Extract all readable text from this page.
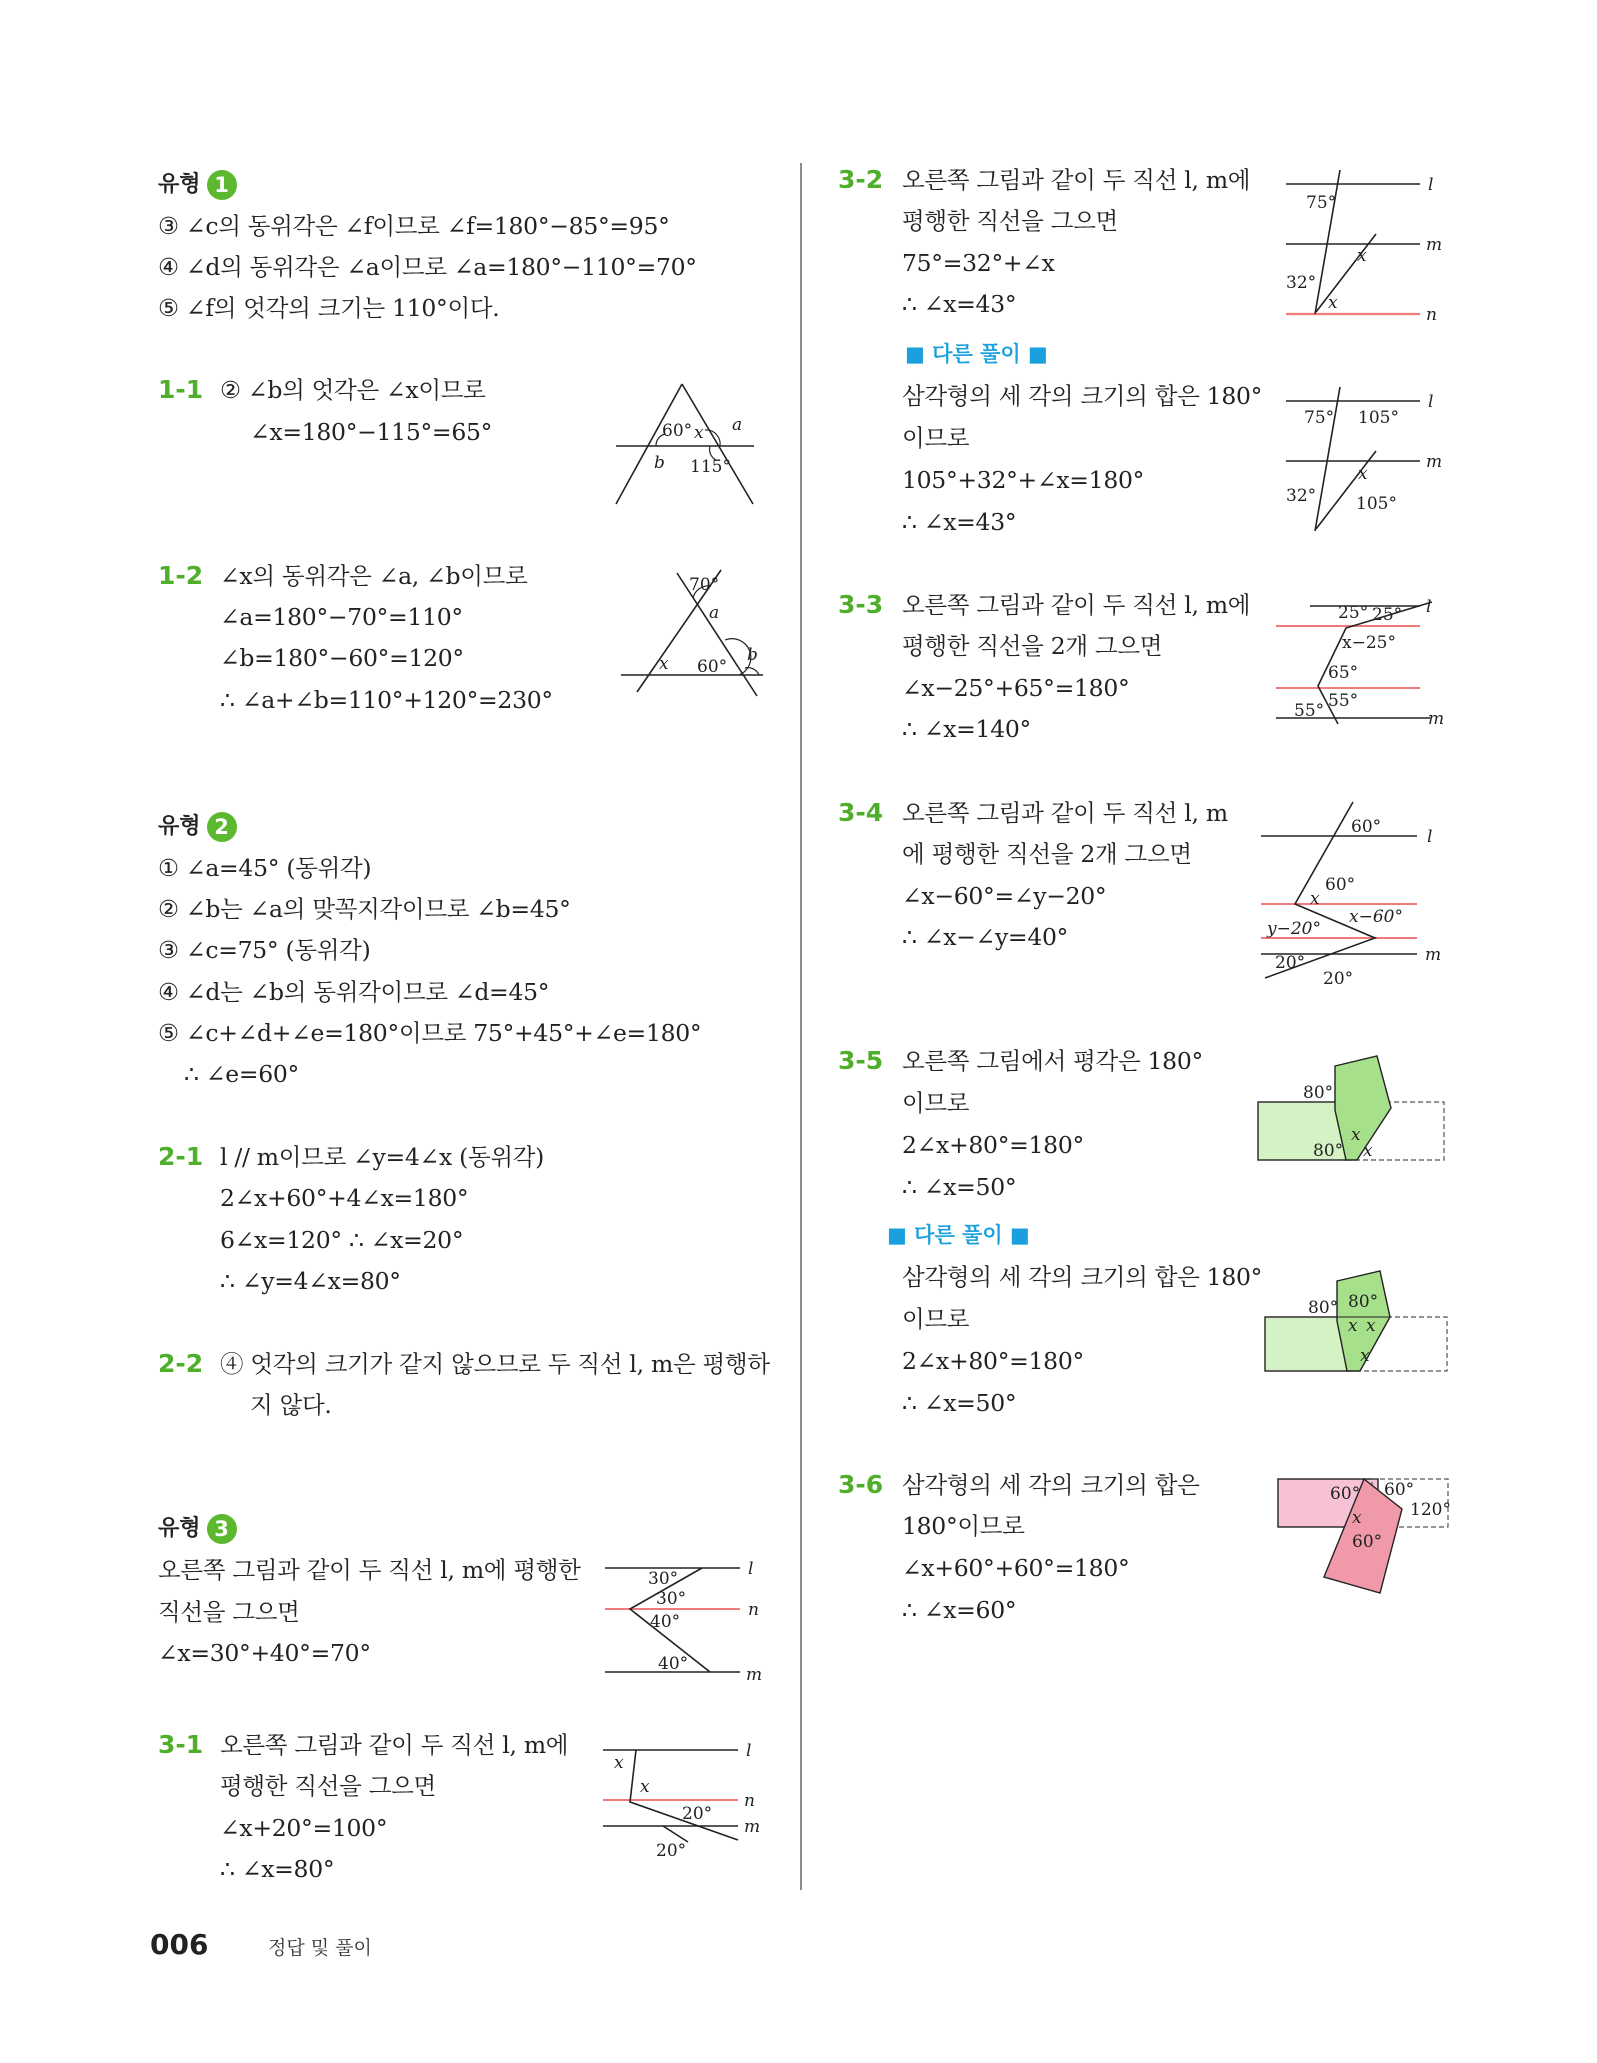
유형 1
③ ∠c의 동위각은 ∠f이므로 ∠f=180°−85°=95°
④ ∠d의 동위각은 ∠a이므로 ∠a=180°−110°=70°
⑤ ∠f의 엇각의 크기는 110°이다.
1-1 ② ∠b의 엇각은 ∠x이므로
∠x=180°−115°=65°	60° x a
b 115°
1-2 ∠x의 동위각은 ∠a, ∠b이므로
∠a=180°−70°=110°
∠b=180°−60°=120°
∴ ∠a+∠b=110°+120°=230°
70°
a
x 60°
b
유형 2
① ∠a=45° (동위각)
② ∠b는 ∠a의 맞꼭지각이므로 ∠b=45°
③ ∠c=75° (동위각)
④ ∠d는 ∠b의 동위각이므로 ∠d=45°
⑤ ∠c+∠d+∠e=180°이므로 75°+45°+∠e=180°
∴ ∠e=60°
2-1 l // m이므로 ∠y=4∠x (동위각)
2∠x+60°+4∠x=180°
6∠x=120° ∴ ∠x=20°
∴ ∠y=4∠x=80°
2-2 ④ 엇각의 크기가 같지 않으므로 두 직선 l, m은 평행하
지 않다.
유형 3
오른쪽 그림과 같이 두 직선 l, m에 평행한
직선을 그으면
∠x=30°+40°=70°
l
n
m
30°
30°
40°
40°
3-1 오른쪽 그림과 같이 두 직선 l, m에
평행한 직선을 그으면
∠x+20°=100°
∴ ∠x=80°
l
n
m
x
x
20°
20°
3-2 오른쪽 그림과 같이 두 직선 l, m에
평행한 직선을 그으면
75°=32°+∠x
∴ ∠x=43°
75°
x
32°
x
l
m
n
■ 다른 풀이 ■
삼각형의 세 각의 크기의 합은 180°
이므로
105°+32°+∠x=180°
∴ ∠x=43°
75° 105°
x
32° 105°
l
m
3-3 오른쪽 그림과 같이 두 직선 l, m에
평행한 직선을 2개 그으면
∠x−25°+65°=180°
∴ ∠x=140°
25° 25°
x−25°
65°
55° 55°
l
m
3-4 오른쪽 그림과 같이 두 직선 l, m
에 평행한 직선을 2개 그으면
∠x−60°=∠y−20°
∴ ∠x−∠y=40°
60°
60°
x
x−60°
y−20°
20°
20°
l
m
3-5 오른쪽 그림에서 평각은 180°
이므로
2∠x+80°=180°
∴ ∠x=50°
80°
x
80° x
■ 다른 풀이 ■
삼각형의 세 각의 크기의 합은 180°
이므로
2∠x+80°=180°
∴ ∠x=50°
80° 80°
x x
x
3-6 삼각형의 세 각의 크기의 합은
180°이므로
∠x+60°+60°=180°
∴ ∠x=60°
60° 60°
120°
x
60°
006	정답 및 풀이
